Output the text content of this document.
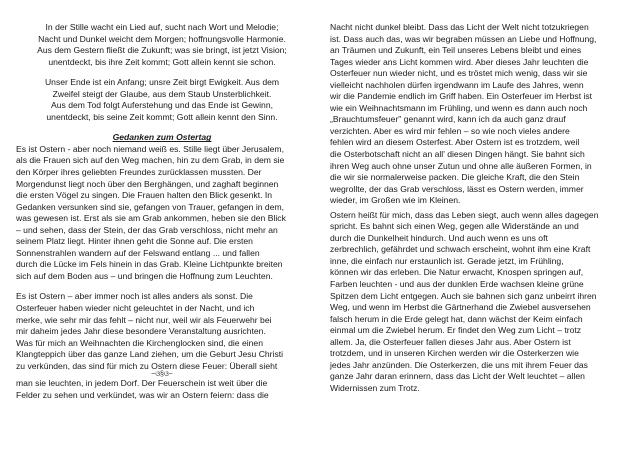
In der Stille wacht ein Lied auf, sucht nach Wort und Melodie;

Nacht und Dunkel weicht dem Morgen; hoffnungsvolle Harmonie.

Aus dem Gestern fließt die Zukunft; was sie bringt, ist jetzt Vision;

unentdeckt, bis ihre Zeit kommt; Gott allein kennt sie schon.

Unser Ende ist ein Anfang; unsre Zeit birgt Ewigkeit. Aus dem

Zweifel steigt der Glaube, aus dem Staub Unsterblichkeit.

Aus dem Tod folgt Auferstehung und das Ende ist Gewinn,

unentdeckt, bis seine Zeit kommt; Gott allein kennt den Sinn.

Gedanken zum Ostertag

Es ist Ostern - aber noch niemand weiß es. Stille liegt über Jerusalem,

als die Frauen sich auf den Weg machen, hin zu dem Grab, in dem sie

den Körper ihres geliebten Freundes zurücklassen mussten. Der

Morgendunst liegt noch über den Berghängen, und zaghaft beginnen

die ersten Vögel zu singen. Die Frauen halten den Blick gesenkt. In

Gedanken versunken sind sie, gefangen von Trauer, gefangen in dem,

was gewesen ist. Erst als sie am Grab ankommen, heben sie den Blick

– und sehen, dass der Stein, der das Grab verschloss, nicht mehr an

seinem Platz liegt. Hinter ihnen geht die Sonne auf. Die ersten

Sonnenstrahlen wandern auf der Felswand entlang ... und fallen

durch die Lücke im Fels hinein in das Grab. Kleine Lichtpunkte breiten

sich auf dem Boden aus – und bringen die Hoffnung zum Leuchten.

Es ist Ostern – aber immer noch ist alles anders als sonst. Die

Osterfeuer haben wieder nicht geleuchtet in der Nacht, und ich

merke, wie sehr mir das fehlt – nicht nur, weil wir als Feuerwehr bei

mir daheim jedes Jahr diese besondere Veranstaltung ausrichten.

Was für mich an Weihnachten die Kirchenglocken sind, die einen

Klangteppich über das ganze Land ziehen, um die Geburt Jesu Christi

zu verkünden, das sind für mich zu Ostern diese Feuer: Überall sieht

~ଓ§ଓ~

man sie leuchten, in jedem Dorf. Der Feuerschein ist weit über die

Felder zu sehen und verkündet, was wir an Ostern feiern: dass die

Nacht nicht dunkel bleibt. Dass das Licht der Welt nicht totzukriegen

ist. Dass auch das, was wir begraben müssen an Liebe und Hoffnung,

an Träumen und Zukunft, ein Teil unseres Lebens bleibt und eines

Tages wieder ans Licht kommen wird. Aber dieses Jahr leuchten die

Osterfeuer nun wieder nicht, und es tröstet mich wenig, dass wir sie

vielleicht nachholen dürfen irgendwann im Laufe des Jahres, wenn

wir die Pandemie endlich im Griff haben. Ein Osterfeuer im Herbst ist

wie ein Weihnachtsmann im Frühling, und wenn es dann auch noch

„Brauchtumsfeuer" genannt wird, kann ich da auch ganz drauf

verzichten. Aber es wird mir fehlen – so wie noch vieles andere

fehlen wird an diesem Osterfest. Aber Ostern ist es trotzdem, weil

die Osterbotschaft nicht an all' diesen Dingen hängt. Sie bahnt sich

ihren Weg auch ohne unser Zutun und ohne alle äußeren Formen, in

die wir sie normalerweise packen. Die gleiche Kraft, die den Stein

wegrollte, der das Grab verschloss, lässt es Ostern werden, immer

wieder, im Großen wie im Kleinen.

Ostern heißt für mich, dass das Leben siegt, auch wenn alles dagegen

spricht. Es bahnt sich einen Weg, gegen alle Widerstände an und

durch die Dunkelheit hindurch. Und auch wenn es uns oft

zerbrechlich, gefährdet und schwach erscheint, wohnt ihm eine Kraft

inne, die einfach nur erstaunlich ist. Gerade jetzt, im Frühling,

können wir das erleben. Die Natur erwacht, Knospen springen auf,

Farben leuchten - und aus der dunklen Erde wachsen kleine grüne

Spitzen dem Licht entgegen. Auch sie bahnen sich ganz unbeirrt ihren

Weg, und wenn im Herbst die Gärtnerhand die Zwiebel ausversehen

falsch herum in die Erde gelegt hat, dann wächst der Keim einfach

einmal um die Zwiebel herum. Er findet den Weg zum Licht – trotz

allem. Ja, die Osterfeuer fallen dieses Jahr aus. Aber Ostern ist

trotzdem, und in unseren Kirchen werden wir die Osterkerzen wie

jedes Jahr anzünden. Die Osterkerzen, die uns mit ihrem Feuer das

ganze Jahr daran erinnern, dass das Licht der Welt leuchtet – allen

Widernissen zum Trotz.
